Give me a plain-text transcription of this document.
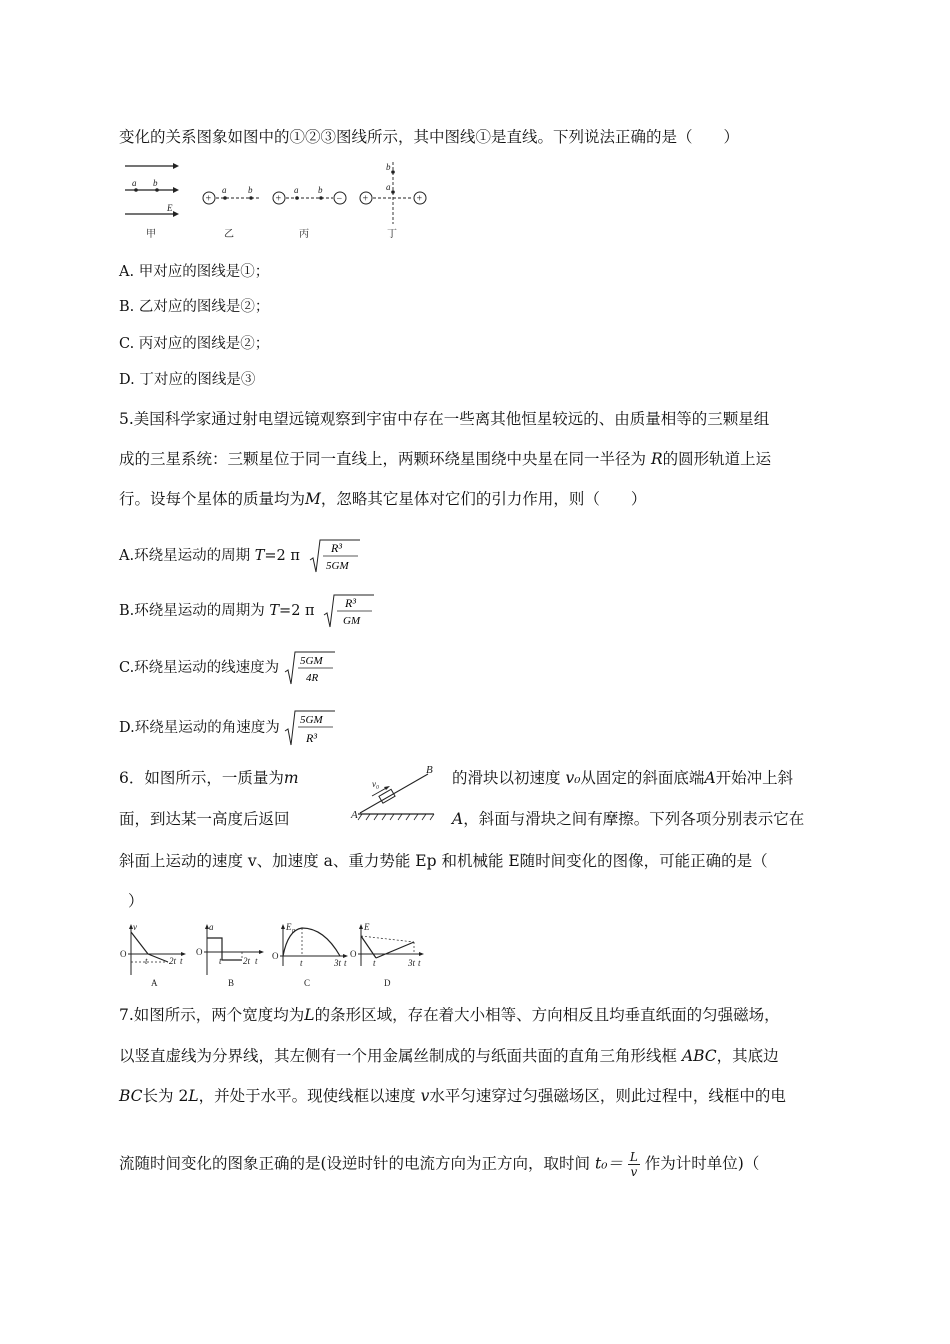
变化的关系图象如图中的①②③图线所示，其中图线①是直线。下列说法正确的是（　　）
a b
E
甲
+
a b
乙
+
a b
−
丙
+	+
b
a
丁
A. 甲对应的图线是①；
B. 乙对应的图线是②；
C. 丙对应的图线是②；
D. 丁对应的图线是③
5.美国科学家通过射电望远镜观察到宇宙中存在一些离其他恒星较远的、由质量相等的三颗星组
成的三星系统：三颗星位于同一直线上，两颗环绕星围绕中央星在同一半径为 R的圆形轨道上运
行。设每个星体的质量均为M，忽略其它星体对它们的引力作用，则（　　）
A.环绕星运动的周期 T=2 π	R³
5GM
B.环绕星运动的周期为 T=2 π	R³
GM
C.环绕星运动的线速度为 5GM
4R
D.环绕星运动的角速度为 5GM
R³
6．如图所示，一质量为m	的滑块以初速度 v₀从固定的斜面底端A开始冲上斜
面，到达某一高度后返回	A，斜面与滑块之间有摩擦。下列各项分别表示它在
A
B
v₀
斜面上运动的速度 v、加速度 a、重力势能 Ep 和机械能 E随时间变化的图像，可能正确的是（
）
v
O
t 2t t
A
a
O
t 2t t
B
E p
O
t	3t t
C
E
O
t	3t t
D
7.如图所示，两个宽度均为L的条形区域，存在着大小相等、方向相反且均垂直纸面的匀强磁场，
以竖直虚线为分界线，其左侧有一个用金属丝制成的与纸面共面的直角三角形线框 ABC，其底边
BC长为 2L，并处于水平。现使线框以速度 v水平匀速穿过匀强磁场区，则此过程中，线框中的电
流随时间变化的图象正确的是(设逆时针的电流方向为正方向，取时间 $t_0= \frac{L}{v}$ 作为计时单位)（
